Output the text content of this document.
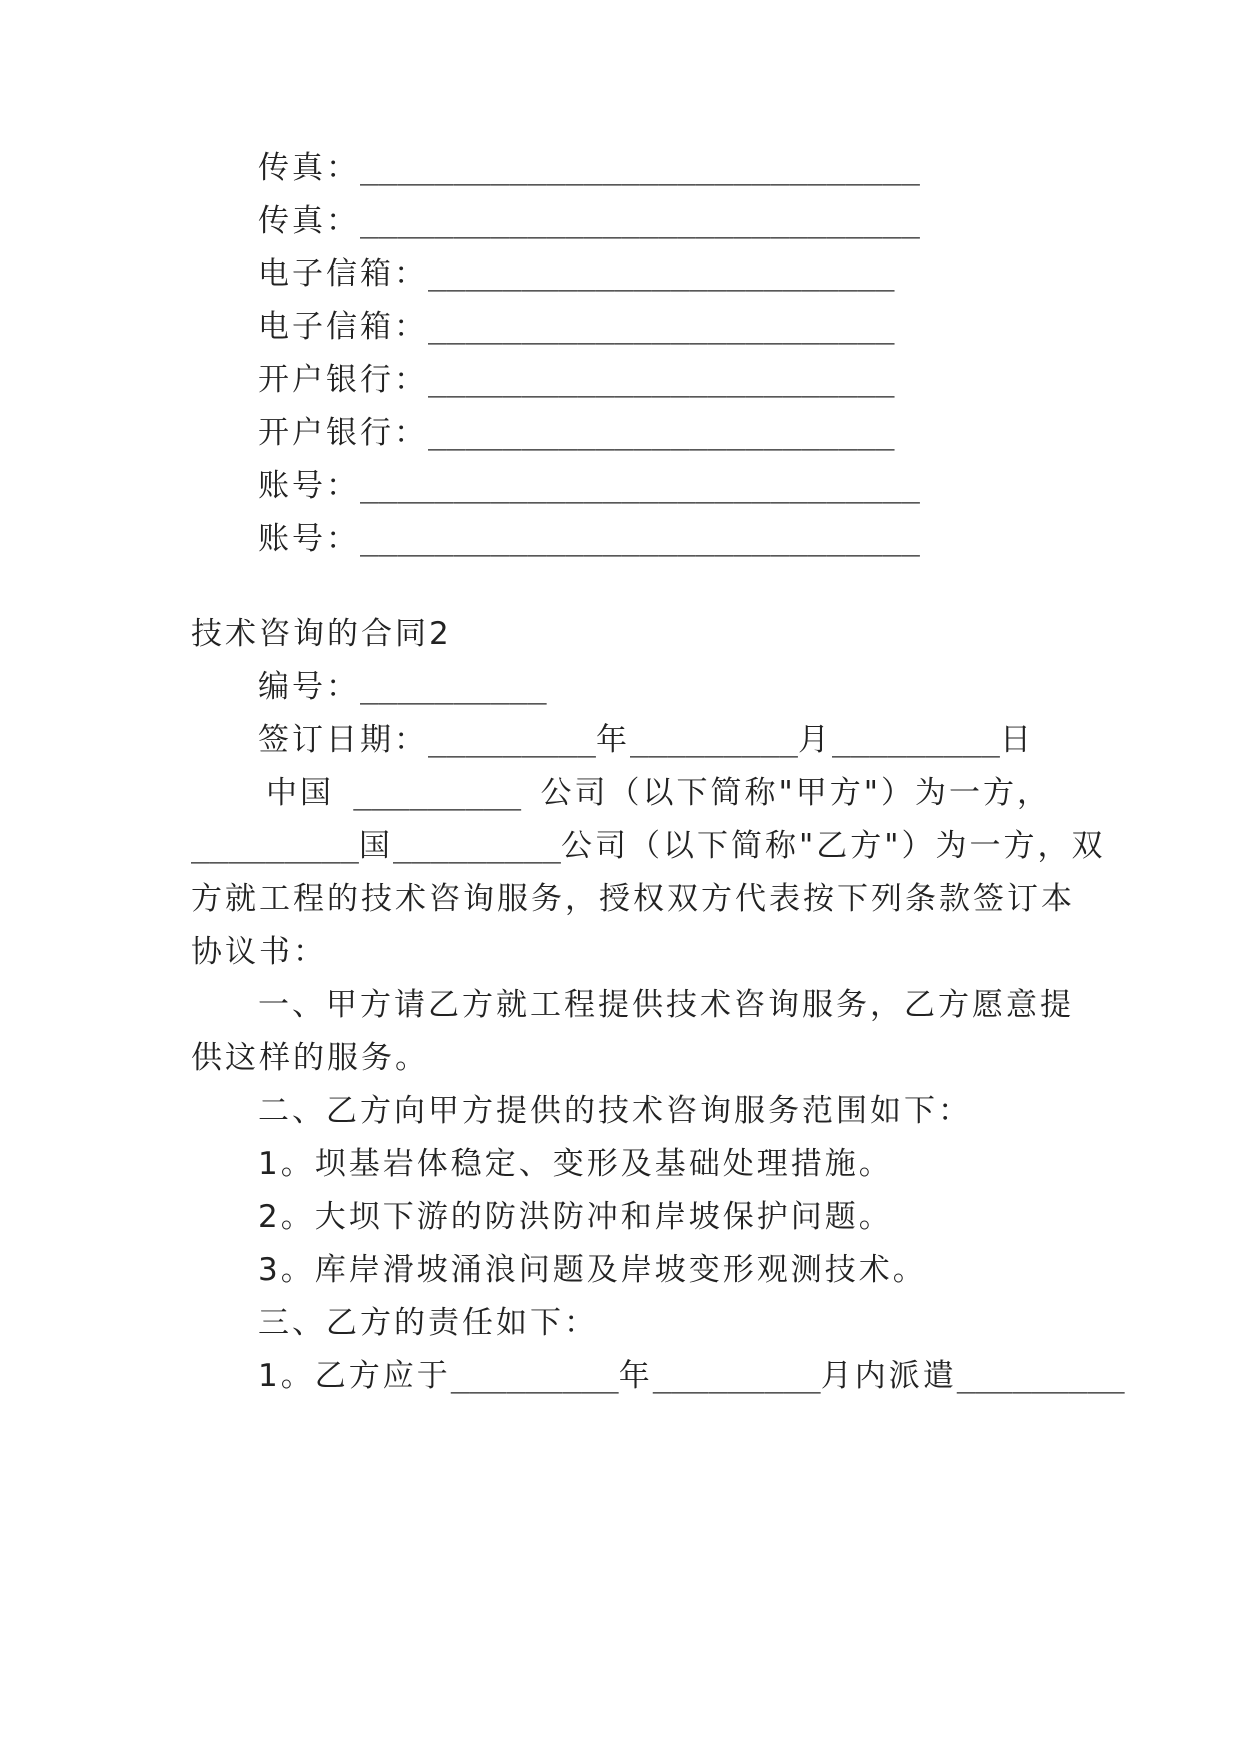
传真：______________________________
传真：______________________________
电子信箱：_________________________
电子信箱：_________________________
开户银行：_________________________
开户银行：_________________________
账号：______________________________
账号：______________________________
技术咨询的合同2
编号：__________
签订日期：_________年_________月_________日
中国 _________ 公司（以下简称"甲方"）为一方，
_________ 国 _________ 公司（以下简称"乙方"）为一方，双
方就工程的技术咨询服务，授权双方代表按下列条款签订本
协议书：
一、甲方请乙方就工程提供技术咨询服务，乙方愿意提
供这样的服务。
二、乙方向甲方提供的技术咨询服务范围如下：
1。坝基岩体稳定、变形及基础处理措施。
2。大坝下游的防洪防冲和岸坡保护问题。
3。库岸滑坡涌浪问题及岸坡变形观测技术。
三、乙方的责任如下：
1。乙方应于_________年_________月内派遣_________
